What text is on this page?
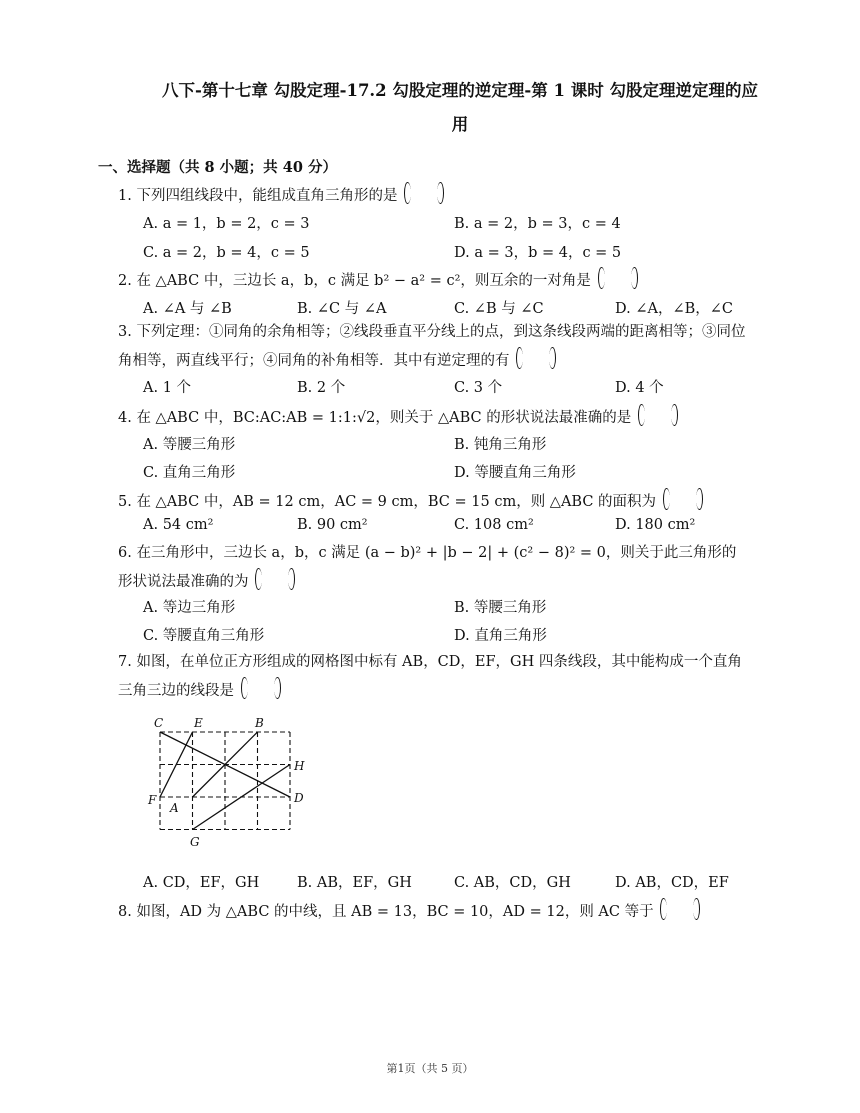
八下-第十七章 勾股定理-17.2 勾股定理的逆定理-第 1 课时 勾股定理逆定理的应
用
一、选择题（共 8 小题；共 40 分）
1. 下列四组线段中，能组成直角三角形的是
A. a = 1，b = 2，c = 3	B. a = 2，b = 3，c = 4
C. a = 2，b = 4，c = 5	D. a = 3，b = 4，c = 5
2. 在 △ABC 中，三边长 a，b，c 满足 b² − a² = c²，则互余的一对角是
A. ∠A 与 ∠B	B. ∠C 与 ∠A	C. ∠B 与 ∠C	D. ∠A，∠B，∠C
3. 下列定理：①同角的余角相等；②线段垂直平分线上的点，到这条线段两端的距离相等；③同位角相等，两直线平行；④同角的补角相等．其中有逆定理的有
A. 1 个	B. 2 个	C. 3 个	D. 4 个
4. 在 △ABC 中，BC:AC:AB = 1:1:√2，则关于 △ABC 的形状说法最准确的是
A. 等腰三角形	B. 钝角三角形
C. 直角三角形	D. 等腰直角三角形
5. 在 △ABC 中，AB = 12 cm，AC = 9 cm，BC = 15 cm，则 △ABC 的面积为
A. 54 cm²	B. 90 cm²	C. 108 cm²	D. 180 cm²
6. 在三角形中，三边长 a，b，c 满足 (a − b)² + |b − 2| + (c² − 8)² = 0，则关于此三角形的形状说法最准确的为
A. 等边三角形	B. 等腰三角形
C. 等腰直角三角形	D. 直角三角形
7. 如图，在单位正方形组成的网格图中标有 AB，CD，EF，GH 四条线段，其中能构成一个直角三角三边的线段是
C	E	B
H
F
A
D
G
A. CD，EF，GH	B. AB，EF，GH	C. AB，CD，GH	D. AB，CD，EF
8. 如图，AD 为 △ABC 的中线，且 AB = 13，BC = 10，AD = 12，则 AC 等于
第1页（共 5 页）
